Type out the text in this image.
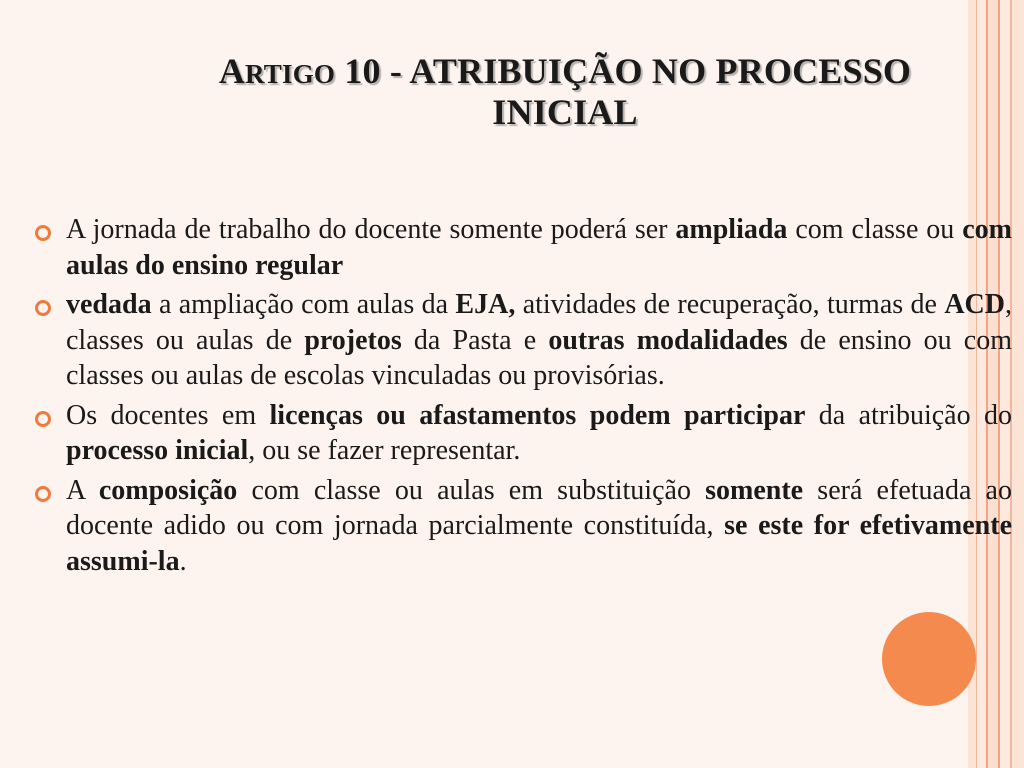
ARTIGO 10 - ATRIBUIÇÃO NO PROCESSO
INICIAL
A jornada de trabalho do docente somente poderá ser ampliada com classe ou com aulas do ensino regular
vedada a ampliação com aulas da EJA, atividades de recuperação, turmas de ACD, classes ou aulas de projetos da Pasta e outras modalidades de ensino ou com classes ou aulas de escolas vinculadas ou provisórias.
Os docentes em licenças ou afastamentos podem participar da atribuição do processo inicial, ou se fazer representar.
A composição com classe ou aulas em substituição somente será efetuada ao docente adido ou com jornada parcialmente constituída, se este for efetivamente assumi-la.
